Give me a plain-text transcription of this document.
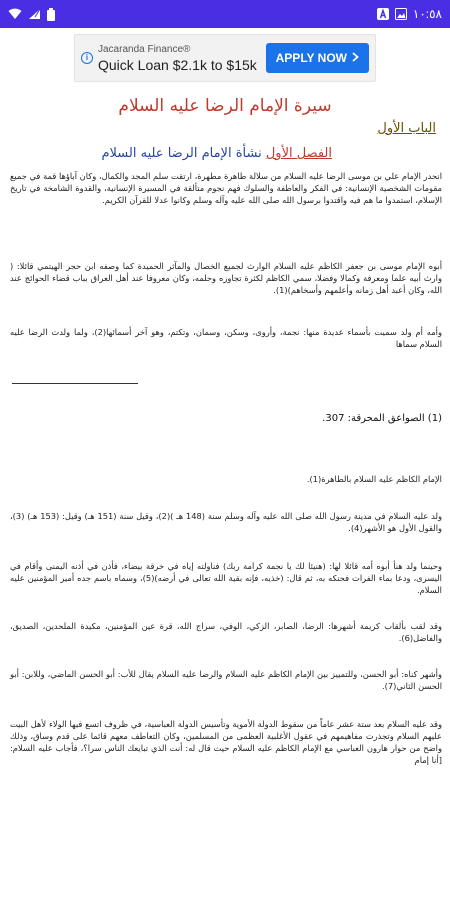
١٠:٥٨
i
Jacaranda Finance®
Quick Loan $2.1k to $15k	APPLY NOW
سيرة الإمام الرضا عليه السلام
الباب الأول
الفصل الأول نشأة الإمام الرضا عليه السلام

انحدر الإمام علي بن موسى الرضا عليه السلام من سلالة طاهرة مطهرة، ارتقت سلم المجد والكمال، وكان آباؤها قمة في جميع مقومات الشخصية الإنسانية: في الفكر والعاطفة والسلوك فهم نجوم متألقة في المسيرة الإنسانية، والقدوة الشامخة في تاريخ الإسلام، استمدوا ما هم فيه واقتدوا برسول الله صلى الله عليه وآله وسلم وكانوا عدلا للقرآن الكريم.

أبوه الإمام موسى بن جعفر الكاظم عليه السلام الوارث لجميع الخصال والمآثر الحميدة كما وصفه ابن حجر الهيتمي قائلا: ( وارث أبيه علما ومعرفة وكمالا وفضلا، سمي الكاظم لكثرة تجاوزه وحلمه، وكان معروفا عند أهل العراق بباب قضاء الحوائج عند الله، وكان أعبد أهل زمانه وأعلمهم وأسخاهم)(1).

وأمه أم ولد سميت بأسماء عديدة منها: نجمة، وأروى، وسكن، وسمان، وتكتم، وهو آخر أسمائها(2)، ولما ولدت الرضا عليه السلام سماها

(1) الصواعق المحرقة: 307.

الإمام الكاظم عليه السلام بالطاهرة(1).

ولد عليه السلام في مدينة رسول الله صلى الله عليه وآله وسلم سنة (148 هـ )(2)، وقيل سنة (151 هـ) وقيل: (153 هـ) (3)، والقول الأول هو الأشهر(4).

وحينما ولد هنأ أبوه أمه قائلا لها: (هنيئا لك يا نجمة كرامة ربك) فناولته إياه في خرقة بيضاء، فأذن في أذنه اليمنى وأقام في اليسرى، ودعا بماء الفرات فحنكه به، ثم قال: (خذيه، فإنه بقية الله تعالى في أرضه)(5)، وسماه باسم جده أمير المؤمنين عليه السلام.

وقد لقب بألقاب كريمة أشهرها: الرضا، الصابر، الزكي، الوفي، سراج الله، قرة عين المؤمنين، مكيدة الملحدين، الصديق، والفاضل(6).

وأشهر كناه: أبو الحسن، وللتمييز بين الإمام الكاظم عليه السلام والرضا عليه السلام يقال للأب: أبو الحسن الماضي، وللابن: أبو الحسن الثاني(7).

وقد عليه السلام بعد ستة عشر عاماً من سقوط الدولة الأموية وتأسيس الدولة العباسية، في ظروف اتسع فيها الولاء لأهل البيت عليهم السلام وتجذرت مفاهيمهم في عقول الأغلبية العظمى من المسلمين، وكان التعاطف معهم قائما على قدم وساق، وذلك واضح من حوار هارون العباسي مع الإمام الكاظم عليه السلام حيث قال له: أنت الذي تبايعك الناس سرا؟، فأجاب عليه السلام: [أنا إمام
